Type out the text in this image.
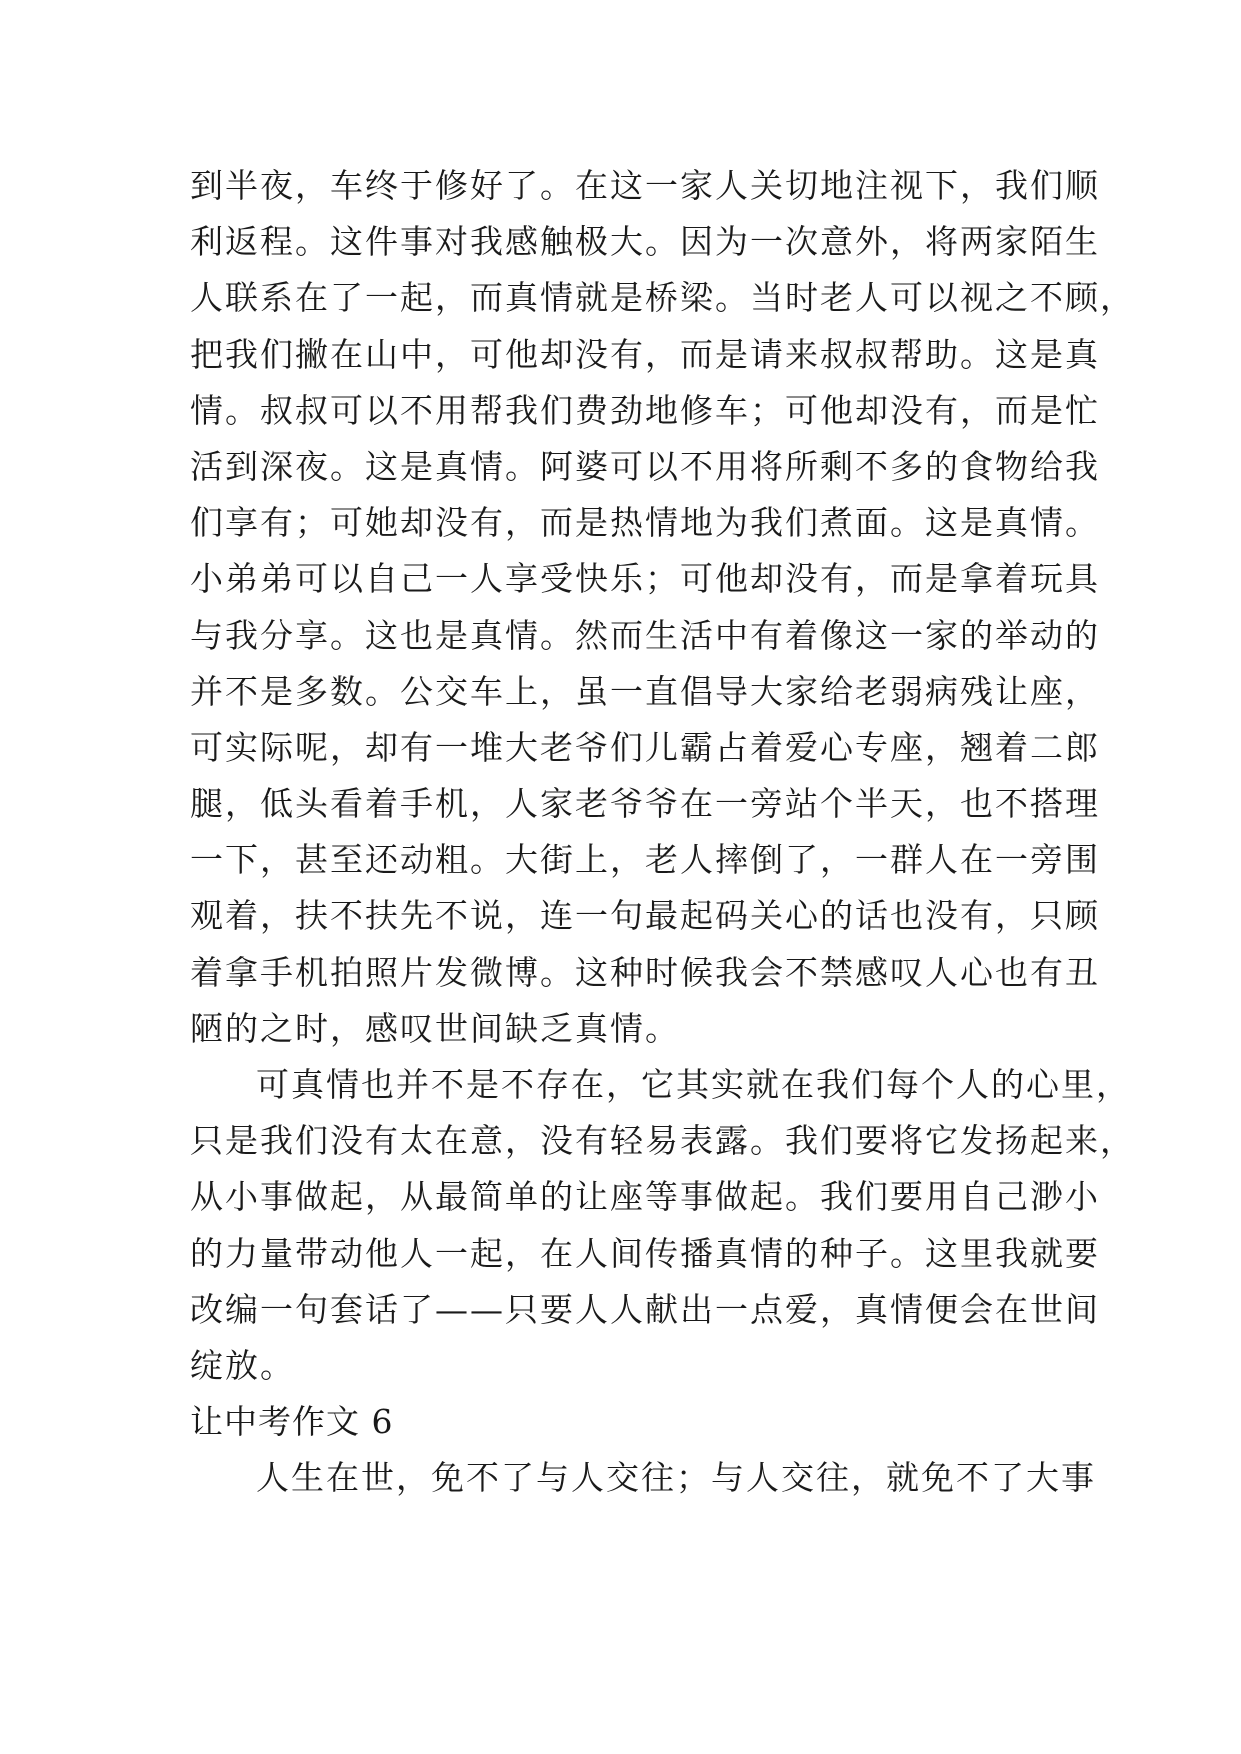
到半夜，车终于修好了。在这一家人关切地注视下，我们顺
利返程。这件事对我感触极大。因为一次意外，将两家陌生
人联系在了一起，而真情就是桥梁。当时老人可以视之不顾，
把我们撇在山中，可他却没有，而是请来叔叔帮助。这是真
情。叔叔可以不用帮我们费劲地修车；可他却没有，而是忙
活到深夜。这是真情。阿婆可以不用将所剩不多的食物给我
们享有；可她却没有，而是热情地为我们煮面。这是真情。
小弟弟可以自己一人享受快乐；可他却没有，而是拿着玩具
与我分享。这也是真情。然而生活中有着像这一家的举动的
并不是多数。公交车上，虽一直倡导大家给老弱病残让座，
可实际呢，却有一堆大老爷们儿霸占着爱心专座，翘着二郎
腿，低头看着手机，人家老爷爷在一旁站个半天，也不搭理
一下，甚至还动粗。大街上，老人摔倒了，一群人在一旁围
观着，扶不扶先不说，连一句最起码关心的话也没有，只顾
着拿手机拍照片发微博。这种时候我会不禁感叹人心也有丑
陋的之时，感叹世间缺乏真情。
可真情也并不是不存在，它其实就在我们每个人的心里，
只是我们没有太在意，没有轻易表露。我们要将它发扬起来，
从小事做起，从最简单的让座等事做起。我们要用自己渺小
的力量带动他人一起，在人间传播真情的种子。这里我就要
改编一句套话了——只要人人献出一点爱，真情便会在世间
绽放。
让中考作文 6
人生在世，免不了与人交往；与人交往，就免不了大事
